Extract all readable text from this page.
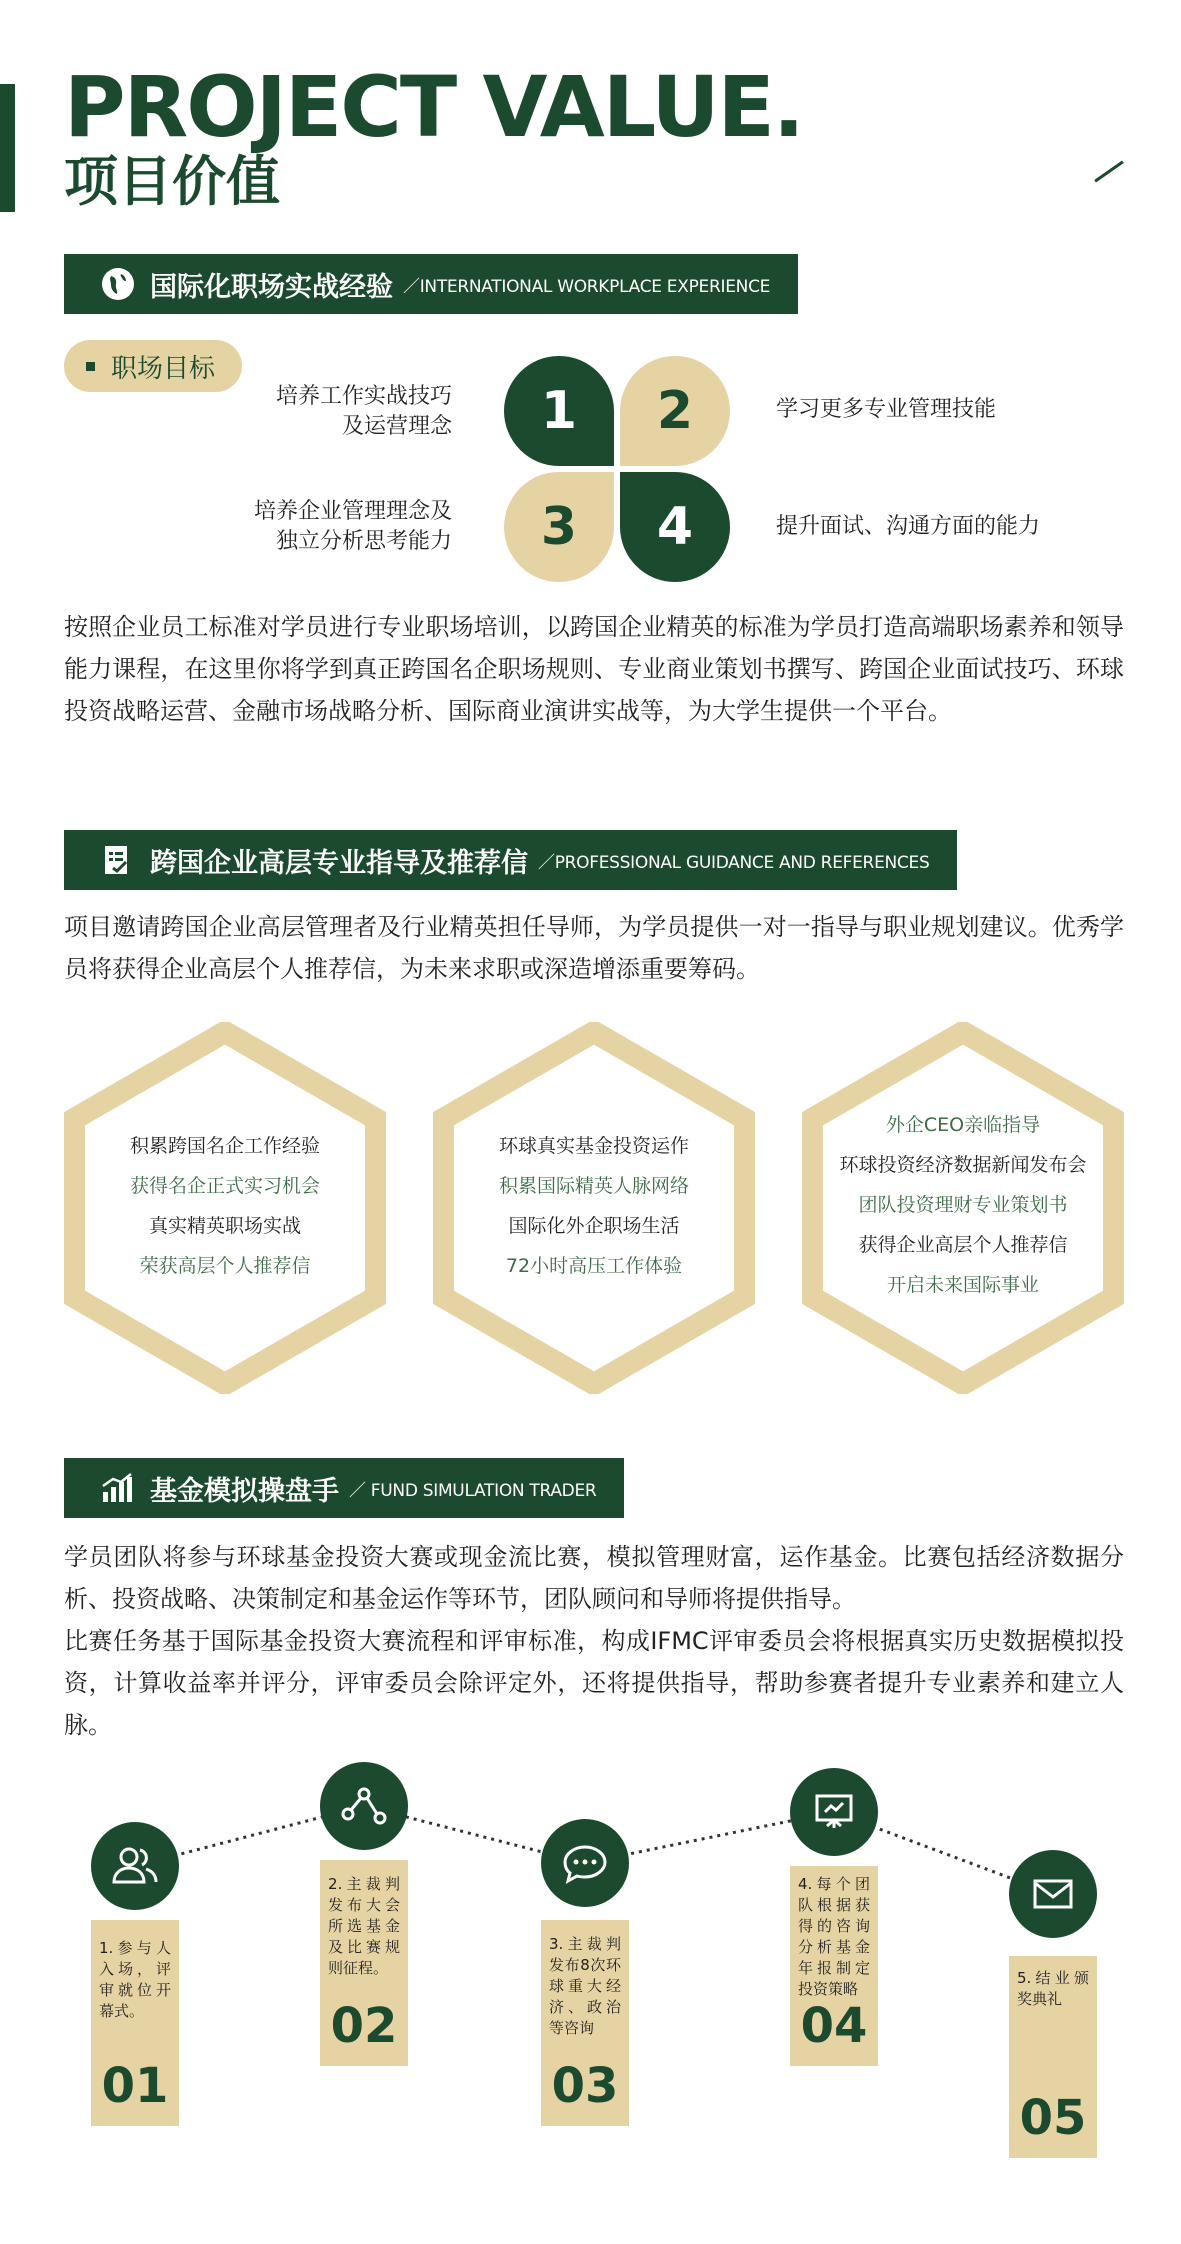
PROJECT VALUE.
项目价值
国际化职场实战经验 ／INTERNATIONAL WORKPLACE EXPERIENCE
职场目标
1	2
3	4
培养工作实战技巧
及运营理念
学习更多专业管理技能
培养企业管理理念及
独立分析思考能力
提升面试、沟通方面的能力

按照企业员工标准对学员进行专业职场培训，以跨国企业精英的标准为学员打造高端职场素养和领导能力课程，在这里你将学到真正跨国名企职场规则、专业商业策划书撰写、跨国企业面试技巧、环球投资战略运营、金融市场战略分析、国际商业演讲实战等，为大学生提供一个平台。

跨国企业高层专业指导及推荐信 ／PROFESSIONAL GUIDANCE AND REFERENCES

项目邀请跨国企业高层管理者及行业精英担任导师，为学员提供一对一指导与职业规划建议。优秀学员将获得企业高层个人推荐信，为未来求职或深造增添重要筹码。

积累跨国名企工作经验
获得名企正式实习机会
真实精英职场实战
荣获高层个人推荐信
环球真实基金投资运作
积累国际精英人脉网络
国际化外企职场生活
72小时高压工作体验
外企CEO亲临指导
环球投资经济数据新闻发布会
团队投资理财专业策划书
获得企业高层个人推荐信
开启未来国际事业
基金模拟操盘手 ／ FUND SIMULATION TRADER

学员团队将参与环球基金投资大赛或现金流比赛，模拟管理财富，运作基金。比赛包括经济数据分析、投资战略、决策制定和基金运作等环节，团队顾问和导师将提供指导。

比赛任务基于国际基金投资大赛流程和评审标准，构成IFMC评审委员会将根据真实历史数据模拟投资，计算收益率并评分，评审委员会除评定外，还将提供指导，帮助参赛者提升专业素养和建立人脉。

1.参与人入场，评审就位开幕式。
01
2.主裁判发布大会所选基金及比赛规则征程。
02
3.主裁判发布8次环球重大经济、政治等咨询
03
4.每个团队根据获得的咨询分析基金年报制定投资策略
04
5.结业颁奖典礼
05
